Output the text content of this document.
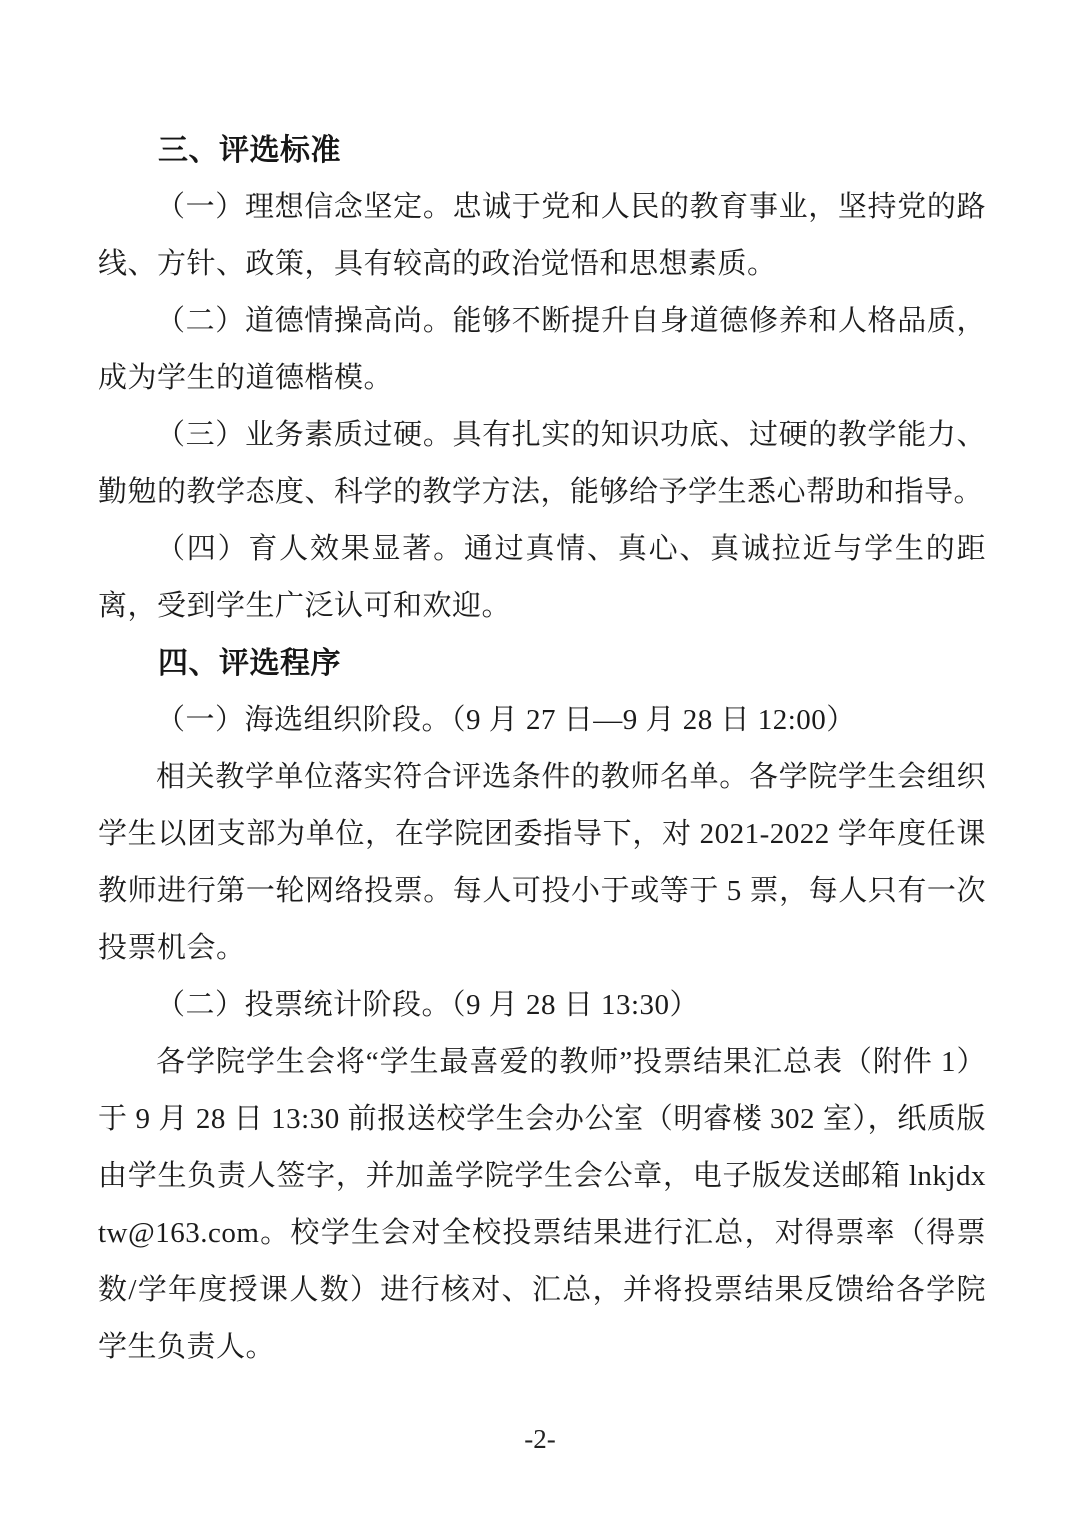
三、评选标准

（一）理想信念坚定。忠诚于党和人民的教育事业，坚持党的路线、方针、政策，具有较高的政治觉悟和思想素质。

（二）道德情操高尚。能够不断提升自身道德修养和人格品质，成为学生的道德楷模。

（三）业务素质过硬。具有扎实的知识功底、过硬的教学能力、勤勉的教学态度、科学的教学方法，能够给予学生悉心帮助和指导。

（四）育人效果显著。通过真情、真心、真诚拉近与学生的距离，受到学生广泛认可和欢迎。

四、评选程序

（一）海选组织阶段。（9 月 27 日—9 月 28 日 12:00）

相关教学单位落实符合评选条件的教师名单。各学院学生会组织学生以团支部为单位，在学院团委指导下，对 2021-2022 学年度任课教师进行第一轮网络投票。每人可投小于或等于 5 票，每人只有一次投票机会。

（二）投票统计阶段。（9 月 28 日 13:30）

各学院学生会将“学生最喜爱的教师”投票结果汇总表（附件 1）于 9 月 28 日 13:30 前报送校学生会办公室（明睿楼 302 室），纸质版由学生负责人签字，并加盖学院学生会公章，电子版发送邮箱 lnkjdxtw@163.com。校学生会对全校投票结果进行汇总，对得票率（得票数/学年度授课人数）进行核对、汇总，并将投票结果反馈给各学院学生负责人。

-2-
